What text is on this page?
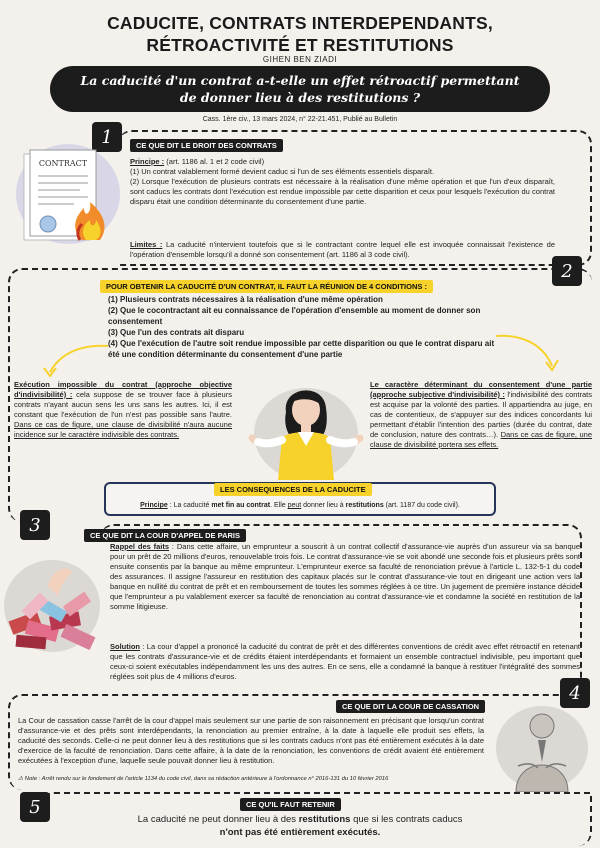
CADUCITE, CONTRATS INTERDEPENDANTS,
RÉTROACTIVITÉ ET RESTITUTIONS
GIHEN BEN ZIADI
La caducité d'un contrat a-t-elle un effet rétroactif permettant de donner lieu à des restitutions ?
Cass. 1ère civ., 13 mars 2024, n° 22-21.451, Publié au Bulletin
1	CE QUE DIT LE DROIT DES CONTRATS
CONTRACT	Principe : (art. 1186 al. 1 et 2 code civil)
(1) Un contrat valablement formé devient caduc si l'un de ses éléments essentiels disparaît.
(2) Lorsque l'exécution de plusieurs contrats est nécessaire à la réalisation d'une même opération et que l'un d'eux disparaît, sont caducs les contrats dont l'exécution est rendue impossible par cette disparition et ceux pour lesquels l'exécution du contrat disparu était une condition déterminante du consentement d'une partie.
Limites : La caducité n'intervient toutefois que si le contractant contre lequel elle est invoquée connaissait l'existence de l'opération d'ensemble lorsqu'il a donné son consentement (art. 1186 al 3 code civil).
2
POUR OBTENIR LA CADUCITÉ D'UN CONTRAT, IL FAUT LA RÉUNION DE 4 CONDITIONS :
(1) Plusieurs contrats nécessaires à la réalisation d'une même opération
(2) Que le cocontractant ait eu connaissance de l'opération d'ensemble au moment de donner son consentement
(3) Que l'un des contrats ait disparu
(4) Que l'exécution de l'autre soit rendue impossible par cette disparition ou que le contrat disparu ait été une condition déterminante du consentement d'une partie
Exécution impossible du contrat (approche objective d'indivisibilité) : cela suppose de se trouver face à plusieurs contrats n'ayant aucun sens les uns sans les autres. Ici, il est constant que l'exécution de l'un n'est pas possible sans l'autre. Dans ce cas de figure, une clause de divisibilité n'aura aucune incidence sur le caractère indivisible des contrats.
Le caractère déterminant du consentement d'une partie (approche subjective d'indivisibilité) : l'indivisibilité des contrats est acquise par la volonté des parties. Il appartiendra au juge, en cas de contentieux, de s'appuyer sur des indices concordants lui permettant d'établir l'intention des parties (durée du contrat, date de conclusion, nature des contrats…). Dans ce cas de figure, une clause de divisibilité portera ses effets.
LES CONSEQUENCES DE LA CADUCITE
Principe : La caducité met fin au contrat. Elle peut donner lieu à restitutions (art. 1187 du code civil).
3	CE QUE DIT LA COUR D'APPEL DE PARIS
Rappel des faits : Dans cette affaire, un emprunteur a souscrit à un contrat collectif d'assurance-vie auprès d'un assureur via sa banque pour un prêt de 20 millions d'euros, renouvelable trois fois. Le contrat d'assurance-vie se voit abondé une seconde fois et plusieurs prêts sont ensuite consentis par la banque au même emprunteur. L'emprunteur exerce sa faculté de renonciation prévue à l'article L. 132-5-1 du code des assurances. Il assigne l'assureur en restitution des capitaux placés sur le contrat d'assurance-vie tout en dirigeant une action vers la banque en nullité du contrat de prêt et en remboursement de toutes les sommes réglées à ce titre. Un jugement de première instance décide que l'emprunteur a pu valablement exercer sa faculté de renonciation au contrat d'assurance-vie et condamne la société en restitution de la somme litigieuse.
Solution : La cour d'appel a prononcé la caducité du contrat de prêt et des différentes conventions de crédit avec effet rétroactif en retenant que les contrats d'assurance-vie et de crédits étaient interdépendants et formaient un ensemble contractuel indivisible, peu important que ceux-ci soient exécutables indépendamment les uns des autres. En ce sens, elle a condamné la banque à restituer l'intégralité des sommes réglées soit plus de 4 millions d'euros.
4
CE QUE DIT LA COUR DE CASSATION
La Cour de cassation casse l'arrêt de la cour d'appel mais seulement sur une partie de son raisonnement en précisant que lorsqu'un contrat d'assurance-vie et des prêts sont interdépendants, la renonciation au premier entraîne, à la date à laquelle elle produit ses effets, la caducité des seconds. Celle-ci ne peut donner lieu à des restitutions que si les contrats caducs n'ont pas été entièrement exécutés à la date d'exercice de la faculté de renonciation. Dans cette affaire, à la date de la renonciation, les conventions de crédit avaient été entièrement exécutées à l'exception d'une, laquelle seule pouvait donner lieu à restitution.
⚠ Note : Arrêt rendu sur le fondement de l'article 1134 du code civil, dans sa rédaction antérieure à l'ordonnance n° 2016-131 du 10 février 2016
5	CE QU'IL FAUT RETENIR
La caducité ne peut donner lieu à des restitutions que si les contrats caducs
n'ont pas été entièrement exécutés.
